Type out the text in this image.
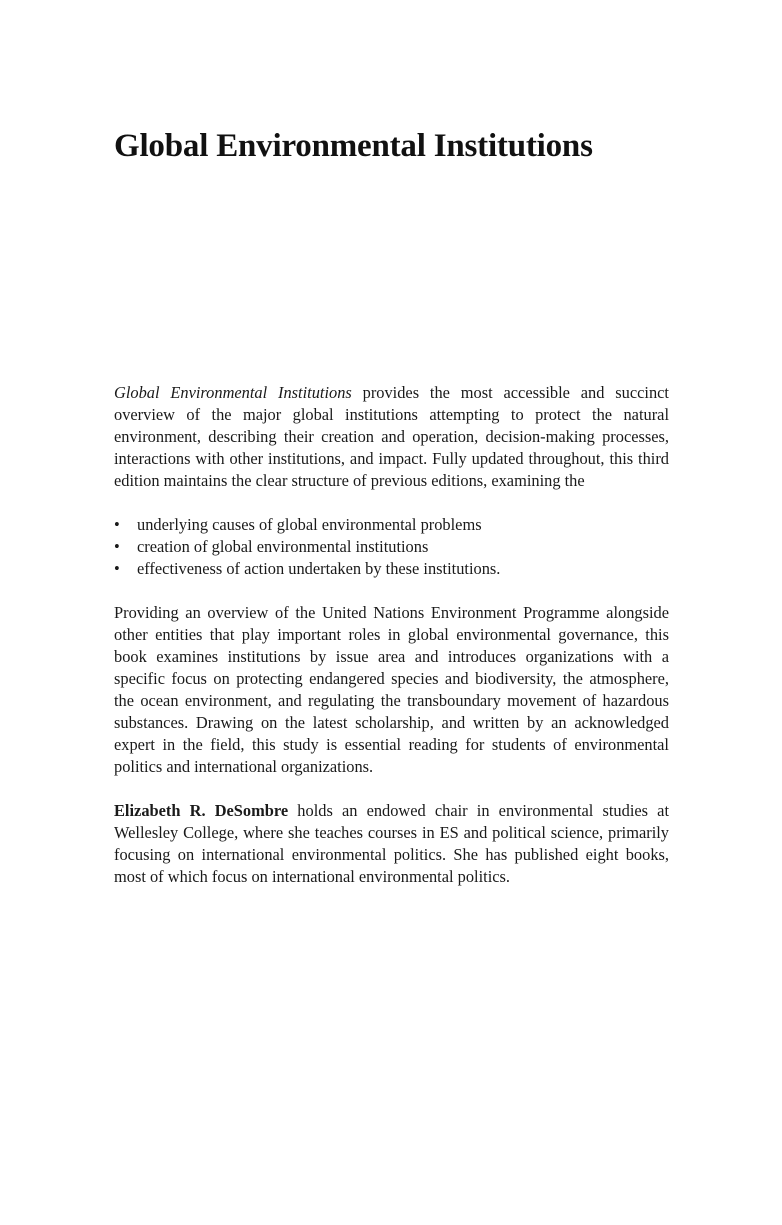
Global Environmental Institutions

Global Environmental Institutions provides the most accessible and succinct overview of the major global institutions attempting to protect the natural environment, describing their creation and operation, decision-making processes, interactions with other institutions, and impact. Fully updated throughout, this third edition maintains the clear structure of previous editions, examining the

• underlying causes of global environmental problems
• creation of global environmental institutions
• effectiveness of action undertaken by these institutions.

Providing an overview of the United Nations Environment Programme alongside other entities that play important roles in global environmental governance, this book examines institutions by issue area and introduces organizations with a specific focus on protecting endangered species and biodiversity, the atmosphere, the ocean environment, and regulating the transboundary movement of hazardous substances. Drawing on the latest scholarship, and written by an acknowledged expert in the field, this study is essential reading for students of environmental politics and international organizations.

Elizabeth R. DeSombre holds an endowed chair in environmental studies at Wellesley College, where she teaches courses in ES and political science, primarily focusing on international environmental politics. She has published eight books, most of which focus on international environmental politics.
